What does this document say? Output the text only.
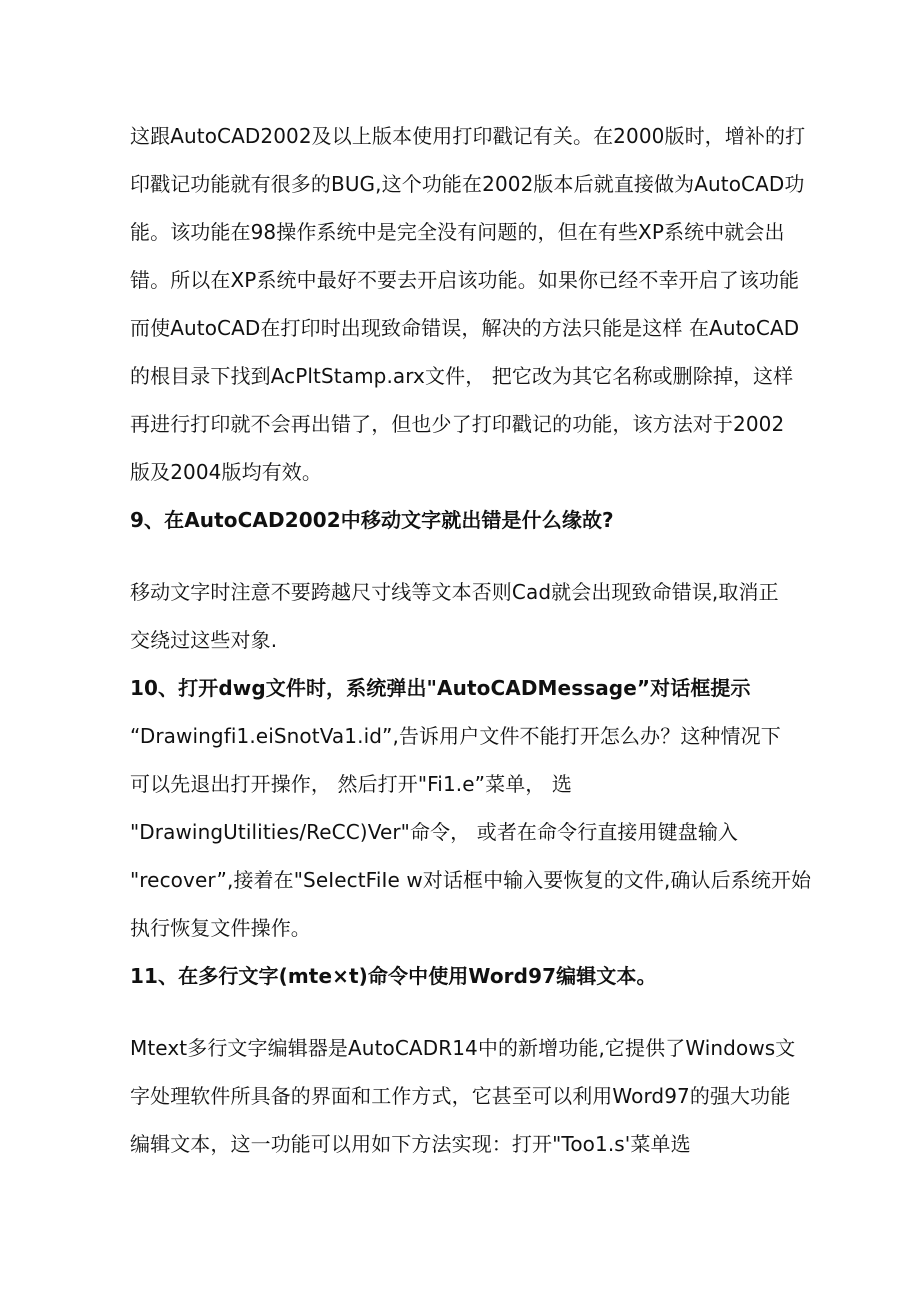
这跟AutoCAD2002及以上版本使用打印戳记有关。在2000版时，增补的打
印戳记功能就有很多的BUG,这个功能在2002版本后就直接做为AutoCAD功
能。该功能在98操作系统中是完全没有问题的，但在有些XP系统中就会出
错。所以在XP系统中最好不要去开启该功能。如果你已经不幸开启了该功能
而使AutoCAD在打印时出现致命错误，解决的方法只能是这样 在AutoCAD
的根目录下找到AcPltStamp.arx文件， 把它改为其它名称或删除掉，这样
再进行打印就不会再出错了，但也少了打印戳记的功能，该方法对于2002
版及2004版均有效。
9、在AutoCAD2002中移动文字就出错是什么缘故?
移动文字时注意不要跨越尺寸线等文本否则Cad就会出现致命错误,取消正
交绕过这些对象.
10、打开dwg文件时，系统弹出"AutoCADMessage”对话框提示
“Drawingfi1.eiSnotVa1.id”,告诉用户文件不能打开怎么办？这种情况下
可以先退出打开操作， 然后打开"Fi1.e”菜单， 选
"DrawingUtilities/ReCC)Ver"命令， 或者在命令行直接用键盘输入
"recover”,接着在"SeIectFiIe w对话框中输入要恢复的文件,确认后系统开始
执行恢复文件操作。
11、在多行文字(mte×t)命令中使用Word97编辑文本。
Mtext多行文字编辑器是AutoCADR14中的新增功能,它提供了Windows文
字处理软件所具备的界面和工作方式，它甚至可以利用Word97的强大功能
编辑文本，这一功能可以用如下方法实现：打开"Too1.s'菜单选
